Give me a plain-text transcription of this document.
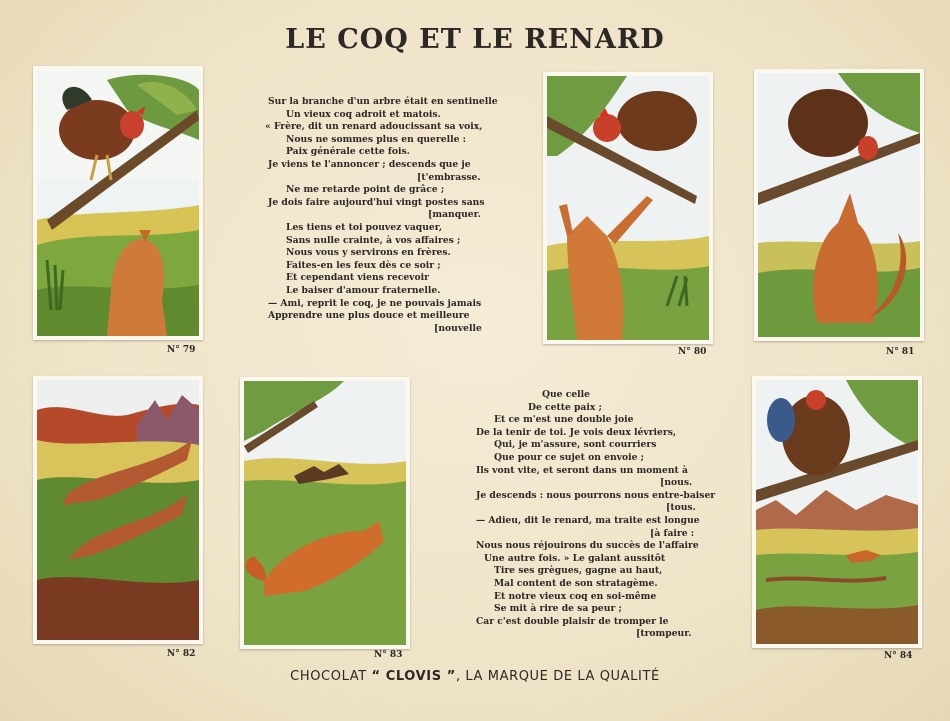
LE COQ ET LE RENARD
N° 79	N° 80	N° 81
N° 82	N° 83	N° 84
Sur la branche d'un arbre était en sentinelle
Un vieux coq adroit et matois.
« Frère, dit un renard adoucissant sa voix,
Nous ne sommes plus en querelle :
Paix générale cette fois.
Je viens te l'annoncer ; descends que je
[t'embrasse.
Ne me retarde point de grâce ;
Je dois faire aujourd'hui vingt postes sans
[manquer.
Les tiens et toi pouvez vaquer,
Sans nulle crainte, à vos affaires ;
Nous vous y servirons en frères.
Faites-en les feux dès ce soir ;
Et cependant viens recevoir
Le baiser d'amour fraternelle.
— Ami, reprit le coq, je ne pouvais jamais
Apprendre une plus douce et meilleure
[nouvelle
Que celle
De cette paix ;
Et ce m'est une double joie
De la tenir de toi. Je vois deux lévriers,
Qui, je m'assure, sont courriers
Que pour ce sujet on envoie ;
Ils vont vite, et seront dans un moment à
[nous.
Je descends : nous pourrons nous entre-baiser
[tous.
— Adieu, dit le renard, ma traite est longue
[à faire :
Nous nous réjouirons du succès de l'affaire
Une autre fois. » Le galant aussitôt
Tire ses grègues, gagne au haut,
Mal content de son stratagème.
Et notre vieux coq en soi-même
Se mit à rire de sa peur ;
Car c'est double plaisir de tromper le
[trompeur.
CHOCOLAT “ CLOVIS ”, LA MARQUE DE LA QUALITÉ
